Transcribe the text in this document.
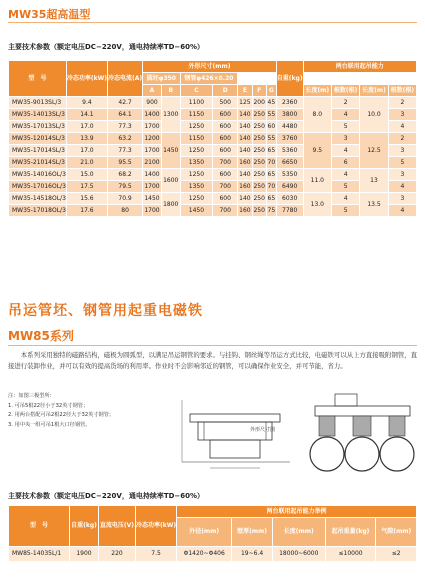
MW35超高温型
主要技术参数（额定电压DC−220V，通电持续率TD−60%）
型　号	冷态功率(kW)	冷态电流(A)	外形尺寸(mm)							自重(kg)	两台联用起吊能力			
			圆坯φ350		钢管φ426×8.20									
			A	B	C	D	E	F	G		长度(m)	根数(根)	长度(m)	根数(根)
MW35-9013SL/3	9.4	42.7	900	1300	1100	500	125	200	45	2360	8.0	2	10.0	2
MW35-14013SL/3	14.1	64.1	1400		1150	600	140	250	55	3800		4		3
MW35-17013SL/3	17.0	77.3	1700		1250	600	140	250	60	4480		5		4
MW35-12014SL/3	13.9	63.2	1200	1450	1150	600	140	250	55	3760	9.5	3	12.5	2
MW35-17014SL/3	17.0	77.3	1700		1250	600	140	250	65	5360		4		3
MW35-21014SL/3	21.0	95.5	2100		1350	700	160	250	70	6650		6		5
MW35-14016OL/3	15.0	68.2	1400	1600	1250	600	140	250	65	5350	11.0	4	13	3
MW35-17016OL/3	17.5	79.5	1700		1350	700	160	250	70	6490		5		4
MW35-14518OL/3	15.6	70.9	1450	1800	1250	600	140	250	65	6030	13.0	4	13.5	3
MW35-17018OL/3	17.6	80	1700		1450	700	160	250	75	7780		5		4
吊运管坯、钢管用起重电磁铁
MW85系列
本系列采用独特的磁路结构，磁极为圆弧型，以满足吊运钢管的要求。与挂钩、钢丝绳等吊运方式比较，电磁铁可以从上方直接吸附钢管，直接进行装卸作业，并可以有效的提高货场的利用率。作业时不会影响邻近的钢管，可以确保作业安全，并可节能，省力。
注：如图三极型所：
1. 可吊5根22径小于32英寸钢管；
2. 用两台搭配可吊2根22径大于32英寸钢管；
3. 用中央一组可吊1根大口径钢管。
外形尺寸图
主要技术参数（额定电压DC−220V，通电持续率TD−60%）
型　号	自重(kg)	直流电压(V)	冷态功率(kW)	两台联用起吊能力举例				
				外径(mm)	壁厚(mm)	长度(mm)	起吊重量(kg)	气隙(mm)
MW85-14035L/1	1900	220	7.5	Φ1420~Φ406	19~6.4	18000~6000	≤10000	≤2
